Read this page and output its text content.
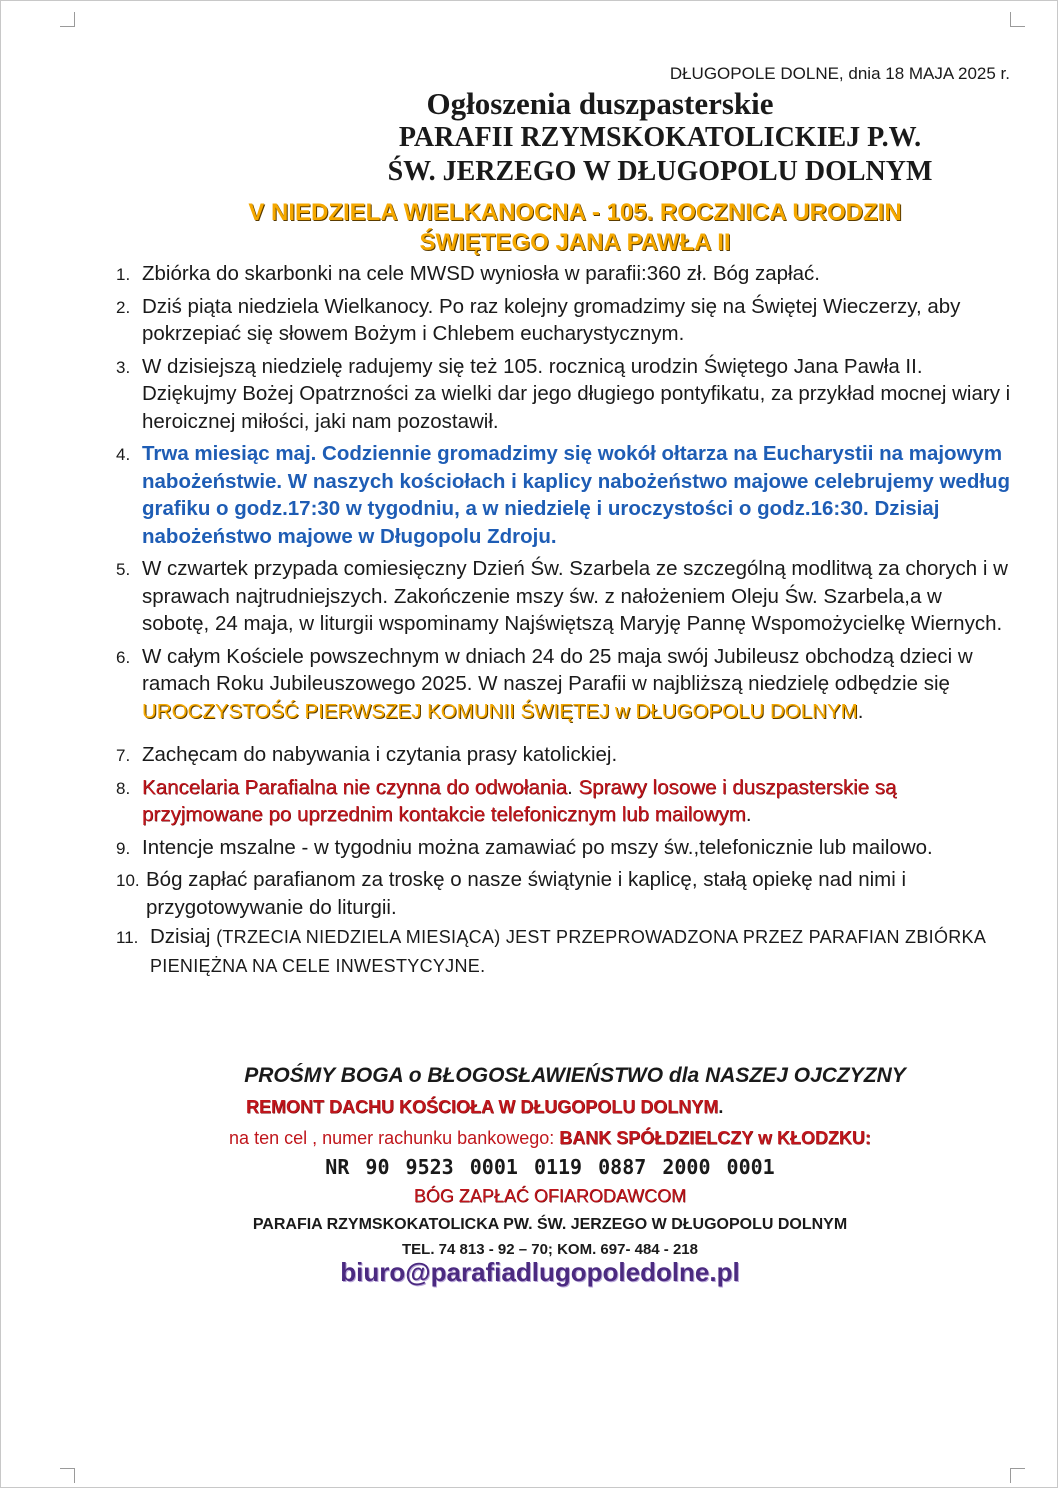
DŁUGOPOLE DOLNE, dnia 18 MAJA 2025 r.
Ogłoszenia duszpasterskie
PARAFII RZYMSKOKATOLICKIEJ P.W.
ŚW. JERZEGO W DŁUGOPOLU DOLNYM
V NIEDZIELA WIELKANOCNA - 105. ROCZNICA URODZIN
ŚWIĘTEGO JANA PAWŁA II
1. Zbiórka do skarbonki na cele MWSD wyniosła w parafii:360 zł. Bóg zapłać.
2. Dziś piąta niedziela Wielkanocy. Po raz kolejny gromadzimy się na Świętej Wieczerzy, aby pokrzepiać się słowem Bożym i Chlebem eucharystycznym.
3. W dzisiejszą niedzielę radujemy się też 105. rocznicą urodzin Świętego Jana Pawła II. Dziękujmy Bożej Opatrzności za wielki dar jego długiego pontyfikatu, za przykład mocnej wiary i heroicznej miłości, jaki nam pozostawił.
4. Trwa miesiąc maj. Codziennie gromadzimy się wokół ołtarza na Eucharystii na majowym nabożeństwie. W naszych kościołach i kaplicy nabożeństwo majowe celebrujemy według grafiku o godz.17:30 w tygodniu, a w niedzielę i uroczystości o godz.16:30. Dzisiaj nabożeństwo majowe w Długopolu Zdroju.
5. W czwartek przypada comiesięczny Dzień Św. Szarbela ze szczególną modlitwą za chorych i w sprawach najtrudniejszych. Zakończenie mszy św. z nałożeniem Oleju Św. Szarbela,a w sobotę, 24 maja, w liturgii wspominamy Najświętszą Maryję Pannę Wspomożycielkę Wiernych.
6. W całym Kościele powszechnym w dniach 24 do 25 maja swój Jubileusz obchodzą dzieci w ramach Roku Jubileuszowego 2025. W naszej Parafii w najbliższą niedzielę odbędzie się UROCZYSTOŚĆ PIERWSZEJ KOMUNII ŚWIĘTEJ w DŁUGOPOLU DOLNYM.
7. Zachęcam do nabywania i czytania prasy katolickiej.
8. Kancelaria Parafialna nie czynna do odwołania. Sprawy losowe i duszpasterskie są przyjmowane po uprzednim kontakcie telefonicznym lub mailowym.
9. Intencje mszalne - w tygodniu można zamawiać po mszy św.,telefonicznie lub mailowo.
10. Bóg zapłać parafianom za troskę o nasze świątynie i kaplicę, stałą opiekę nad nimi i przygotowywanie do liturgii.
11. Dzisiaj (TRZECIA NIEDZIELA MIESIĄCA) JEST PRZEPROWADZONA PRZEZ PARAFIAN ZBIÓRKA PIENIĘŻNA NA CELE INWESTYCYJNE.
PROŚMY BOGA o BŁOGOSŁAWIEŃSTWO dla NASZEJ OJCZYZNY
REMONT DACHU KOŚCIOŁA W DŁUGOPOLU DOLNYM.
na ten cel , numer rachunku bankowego: BANK SPÓŁDZIELCZY w KŁODZKU:
NR 90 9523 0001 0119 0887 2000 0001
BÓG ZAPŁAĆ OFIARODAWCOM
PARAFIA RZYMSKOKATOLICKA PW. ŚW. JERZEGO W DŁUGOPOLU DOLNYM
TEL. 74 813 - 92 – 70; KOM. 697- 484 - 218
biuro@parafiadlugopoledolne.pl
